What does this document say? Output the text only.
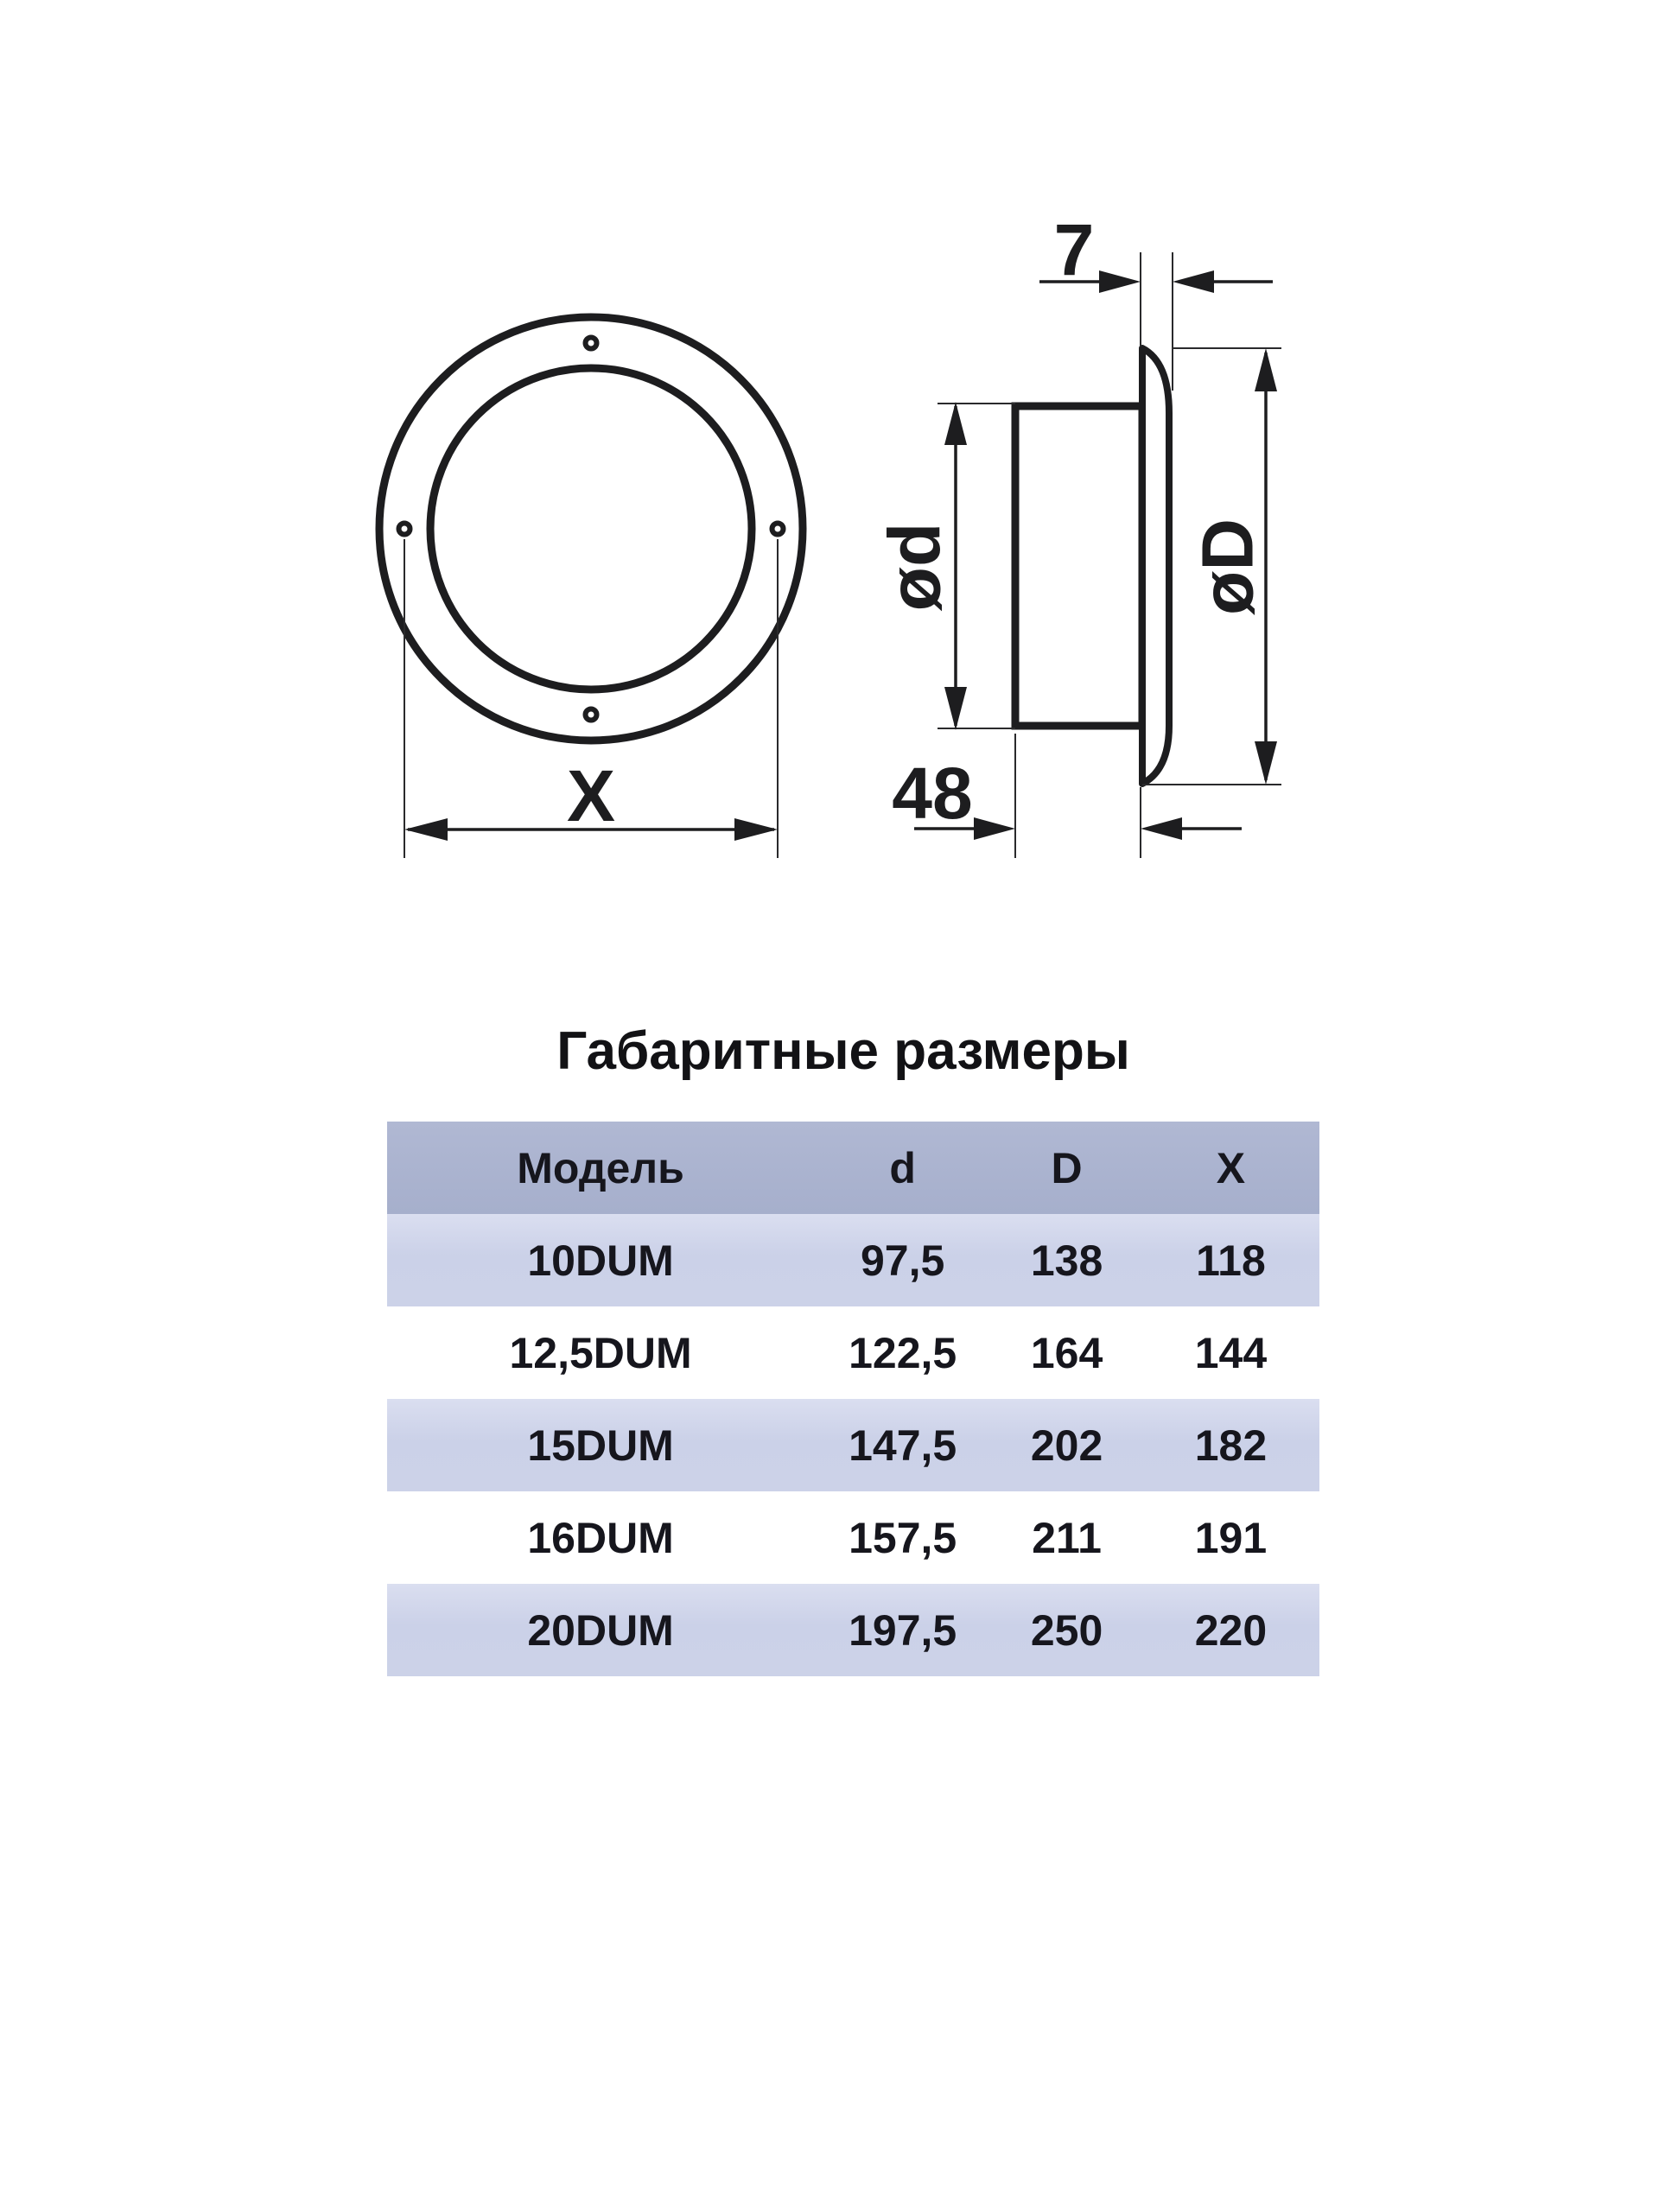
X
7
ød	øD
48
Габаритные размеры
Модель	d	D	X
10DUM	97,5	138	118
12,5DUM	122,5	164	144
15DUM	147,5	202	182
16DUM	157,5	211	191
20DUM	197,5	250	220
